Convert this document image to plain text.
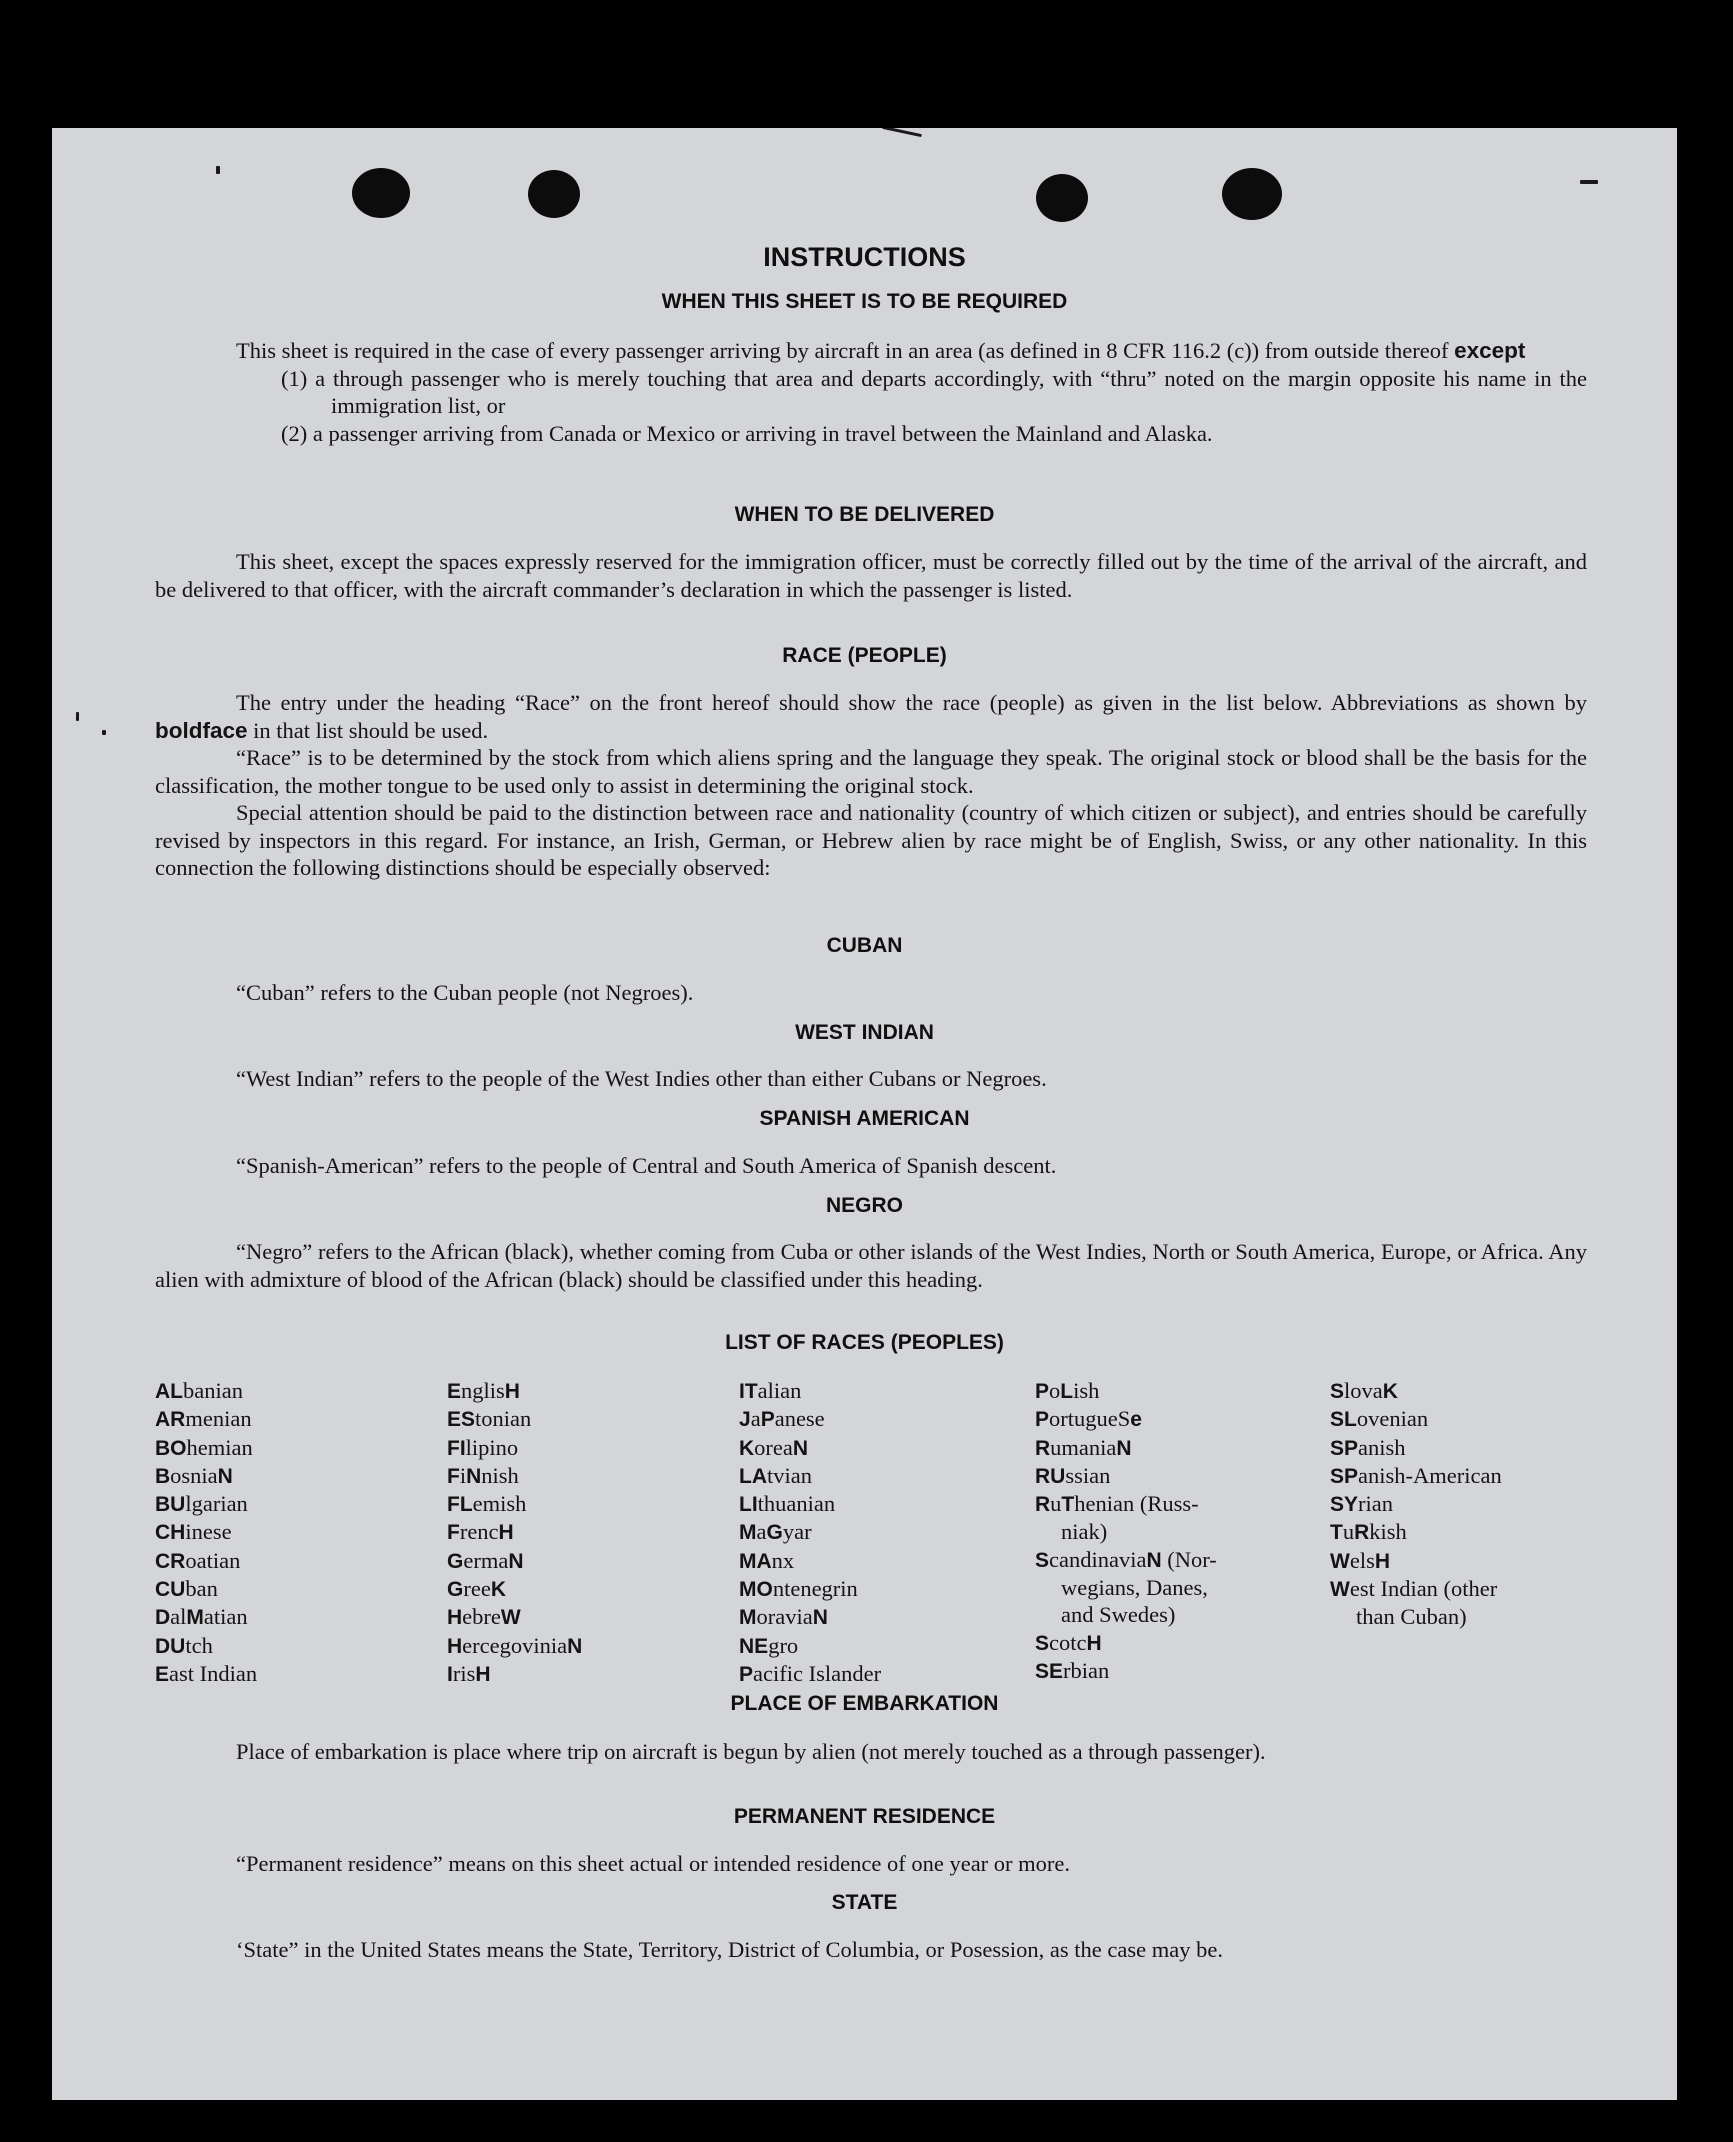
INSTRUCTIONS
WHEN THIS SHEET IS TO BE REQUIRED
This sheet is required in the case of every passenger arriving by aircraft in an area (as defined in 8 CFR 116.2 (c)) from outside thereof except
(1) a through passenger who is merely touching that area and departs accordingly, with “thru” noted on the margin opposite his name in the immigration list, or
(2) a passenger arriving from Canada or Mexico or arriving in travel between the Mainland and Alaska.
WHEN TO BE DELIVERED
This sheet, except the spaces expressly reserved for the immigration officer, must be correctly filled out by the time of the arrival of the aircraft, and be delivered to that officer, with the aircraft commander’s declaration in which the passenger is listed.
RACE (PEOPLE)
The entry under the heading “Race” on the front hereof should show the race (people) as given in the list below. Abbreviations as shown by boldface in that list should be used.
“Race” is to be determined by the stock from which aliens spring and the language they speak. The original stock or blood shall be the basis for the classification, the mother tongue to be used only to assist in determining the original stock.
Special attention should be paid to the distinction between race and nationality (country of which citizen or subject), and entries should be carefully revised by inspectors in this regard. For instance, an Irish, German, or Hebrew alien by race might be of English, Swiss, or any other nationality. In this connection the following distinctions should be especially observed:
CUBAN
“Cuban” refers to the Cuban people (not Negroes).
WEST INDIAN
“West Indian” refers to the people of the West Indies other than either Cubans or Negroes.
SPANISH AMERICAN
“Spanish-American” refers to the people of Central and South America of Spanish descent.
NEGRO
“Negro” refers to the African (black), whether coming from Cuba or other islands of the West Indies, North or South America, Europe, or Africa. Any alien with admixture of blood of the African (black) should be classified under this heading.
LIST OF RACES (PEOPLES)
ALbanian
ARmenian
BOhemian
BosniaN
BUlgarian
CHinese
CRoatian
CUban
DalMatian
DUtch
East Indian
EnglisH
EStonian
FIlipino
FiNnish
FLemish
FrencH
GermaN
GreeK
HebreW
HercegoviniaN
IrisH
ITalian
JaPanese
KoreaN
LAtvian
LIthuanian
MaGyar
MAnx
MOntenegrin
MoraviaN
NEgro
Pacific Islander
PoLish
PortugueSe
RumaniaN
RUssian
RuThenian (Russ-
niak)
ScandinaviaN (Nor-
wegians, Danes,
and Swedes)
ScotcH
SErbian
SlovaK
SLovenian
SPanish
SPanish-American
SYrian
TuRkish
WelsH
West Indian (other
than Cuban)
PLACE OF EMBARKATION
Place of embarkation is place where trip on aircraft is begun by alien (not merely touched as a through passenger).
PERMANENT RESIDENCE
“Permanent residence” means on this sheet actual or intended residence of one year or more.
STATE
‘State” in the United States means the State, Territory, District of Columbia, or Posession, as the case may be.
